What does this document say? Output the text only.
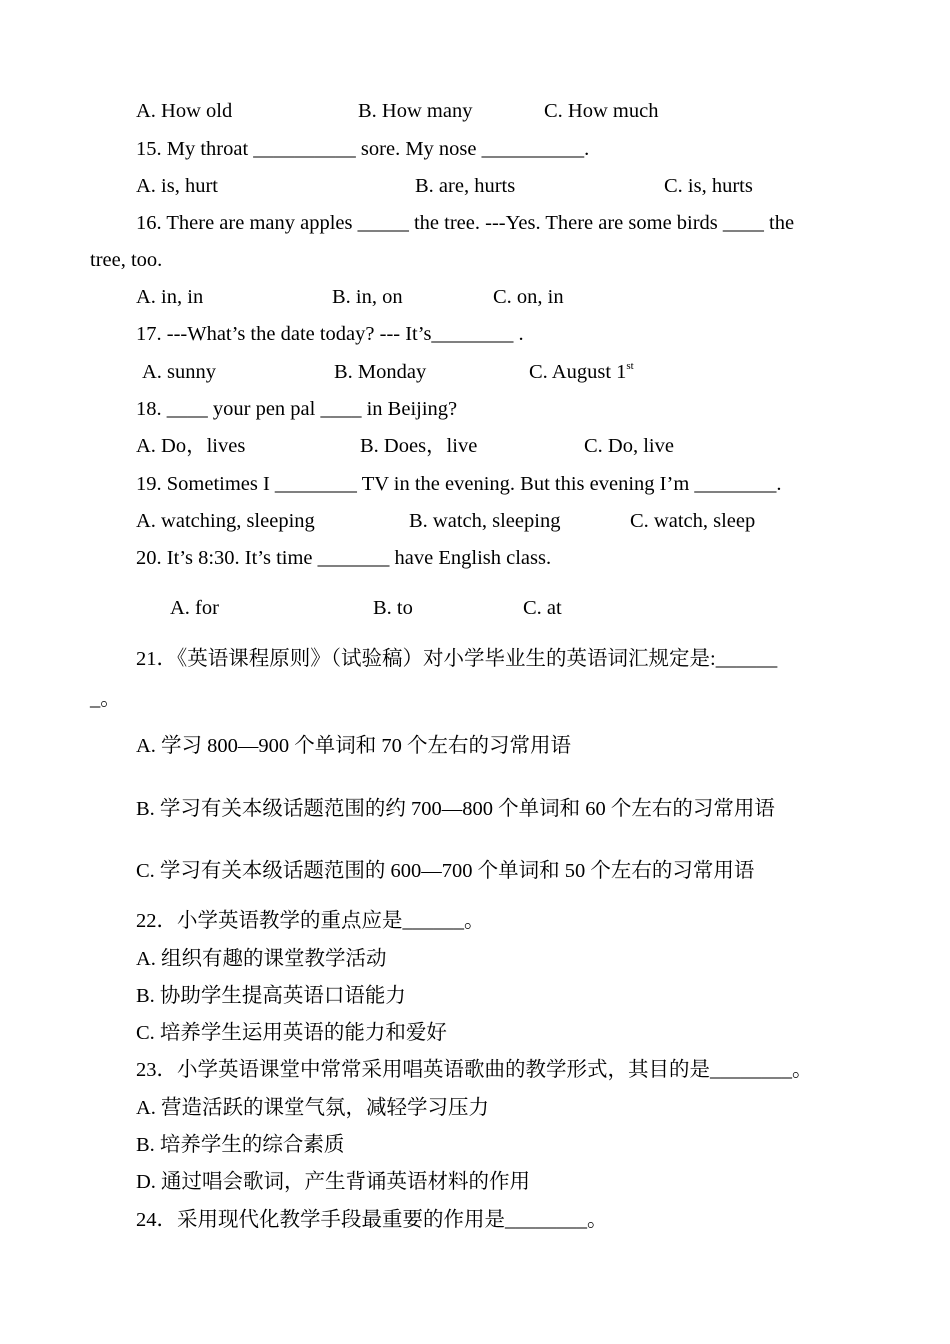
A. How old	B. How many	C. How much
15. My throat __________ sore. My nose __________.
A. is, hurt	B. are, hurts	C. is, hurts
16. There are many apples _____ the tree. ---Yes. There are some birds ____ the
tree, too.
A. in, in	B. in, on	C. on, in
17. ---What’s the date today? --- It’s________ .
A. sunny	B. Monday	C. August 1st
18. ____ your pen pal ____ in Beijing?
A. Do，lives	B. Does，live	C. Do, live
19. Sometimes I ________ TV in the evening. But this evening I’m ________.
A. watching, sleeping	B. watch, sleeping	C. watch, sleep
20. It’s 8:30. It’s time _______ have English class.
A. for	B. to	C. at
21．《英语课程原则》（试验稿）对小学毕业生的英语词汇规定是:______
_。
A. 学习 800—900 个单词和 70 个左右的习常用语
B. 学习有关本级话题范围的约 700—800 个单词和 60 个左右的习常用语
C. 学习有关本级话题范围的 600—700 个单词和 50 个左右的习常用语
22．小学英语教学的重点应是______。
A. 组织有趣的课堂教学活动
B. 协助学生提高英语口语能力
C. 培养学生运用英语的能力和爱好
23．小学英语课堂中常常采用唱英语歌曲的教学形式，其目的是________。
A. 营造活跃的课堂气氛，减轻学习压力
B. 培养学生的综合素质
D. 通过唱会歌词，产生背诵英语材料的作用
24．采用现代化教学手段最重要的作用是________。
